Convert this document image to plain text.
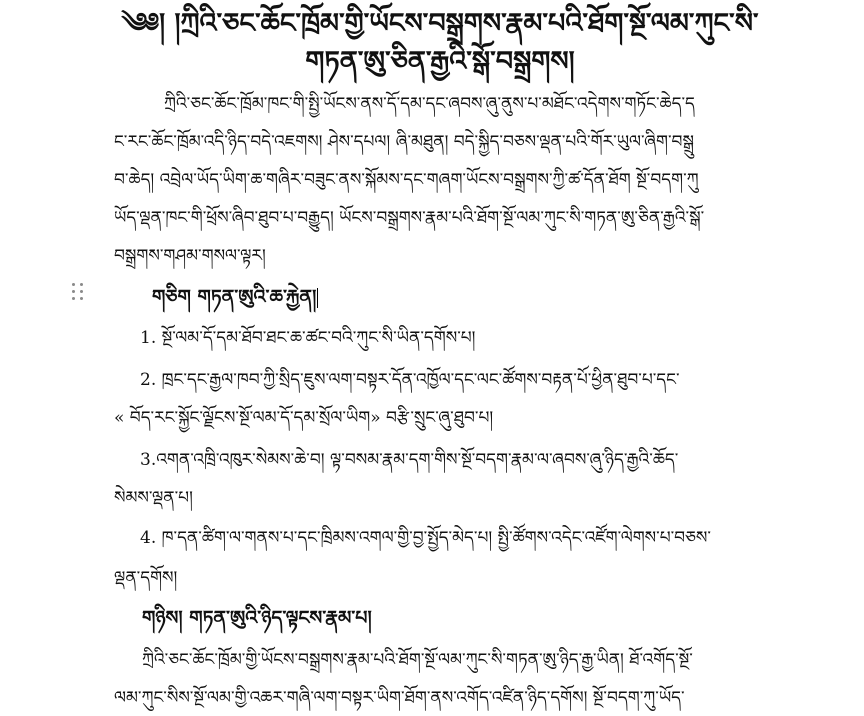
༄༅། །ཀྲིའི་ཅང་ཆོང་ཁྲོམ་གྱི་ཡོངས་བསྒྲགས་རྣམ་པའི་ཐོག་སྔོ་ལམ་ཀུང་སི་
གཏན་ཨུ་ཅིན་རྒྱའི་སྒོ་བསྒྲགས།
ཀྲིའི་ཅང་ཆོང་ཁྲོམ་ཁང་གི་སྤྱི་ཡོངས་ནས་དོ་དམ་དང་ཞབས་ཞུ་ནུས་པ་མཐོང་འདེགས་གཏོང་ཆེད་ད
ང་རང་ཆོང་ཁྲོམ་འདི་ཉིད་བདེ་འཇགས། ཤེས་དཔལ། ཞི་མཐུན། བདེ་སྐྱིད་བཅས་ལྡན་པའི་གོར་ཡུལ་ཞིག་བསྒྲུ
བ་ཆེད། འབྲེལ་ཡོད་ཡིག་ཆ་གཞིར་བཟུང་ནས་སྐོམས་དང་གཞག་ཡོངས་བསྒྲགས་ཀྱི་ཚ་དོན་ཐོག སྔོ་བདག་ཀུ
ཡོད་ལྡན་ཁང་གི་ཕྲོས་ཞིབ་ཐུབ་པ་བརྒྱུད། ཡོངས་བསྒྲགས་རྣམ་པའི་ཐོག་སྔོ་ལམ་ཀུང་སི་གཏན་ཨུ་ཅིན་རྒྱའི་སྒོ་
བསྒྲགས་གཤམ་གསལ་ལྟར།
གཅིག གཏན་ཨུའི་ཆ་རྐྱེན།
1. སྔོ་ལམ་དོ་དམ་ཐོབ་ཐང་ཆ་ཚང་བའི་ཀུང་སི་ཡིན་དགོས་པ།
2. ཁྲང་དང་རྒྱལ་ཁབ་ཀྱི་སྲིད་ཇུས་ལག་བསྟར་དོན་འཁྱོལ་དང་ལང་ཚོགས་བརྟན་པོ་ཕྱིན་ཐུབ་པ་དང་
« བོད་རང་སྐྱོང་ལྗོངས་སྔོ་ལམ་དོ་དམ་སྲོལ་ཡིག» བརྩི་སྲུང་ཞུ་ཐུབ་པ།
3.འགན་འཁྲི་འཁུར་སེམས་ཆེ་བ། ལྟ་བསམ་རྣམ་དག་གིས་སྔོ་བདག་རྣམ་ལ་ཞབས་ཞུ་ཉིད་རྒྱའི་ཆོད་
སེམས་ལྡན་པ།
4. ཁ་དན་ཚིག་ལ་གནས་པ་དང་ཁྲིམས་འགལ་གྱི་བྱ་སྤྱོད་མེད་པ། སྤྱི་ཚོགས་འདེང་འཛོག་ལེགས་པ་བཅས་
ལྡན་དགོས།
གཉིས། གཏན་ཨུའི་ཉིད་ལྟངས་རྣམ་པ།
ཀྲིའི་ཅང་ཆོང་ཁྲོམ་གྱི་ཡོངས་བསྒྲགས་རྣམ་པའི་ཐོག་སྔོ་ལམ་ཀུང་སི་གཏན་ཨུ་ཉིད་རྒྱ་ཡིན། ཐོ་འགོད་སྔོ་
ལམ་ཀུང་སིས་སྔོ་ལམ་གྱི་འཆར་གཞི་ལག་བསྟར་ཡིག་ཐོག་ནས་འགོད་འཛིན་ཉིད་དགོས། སྔོ་བདག་ཀུ་ཡོད་
